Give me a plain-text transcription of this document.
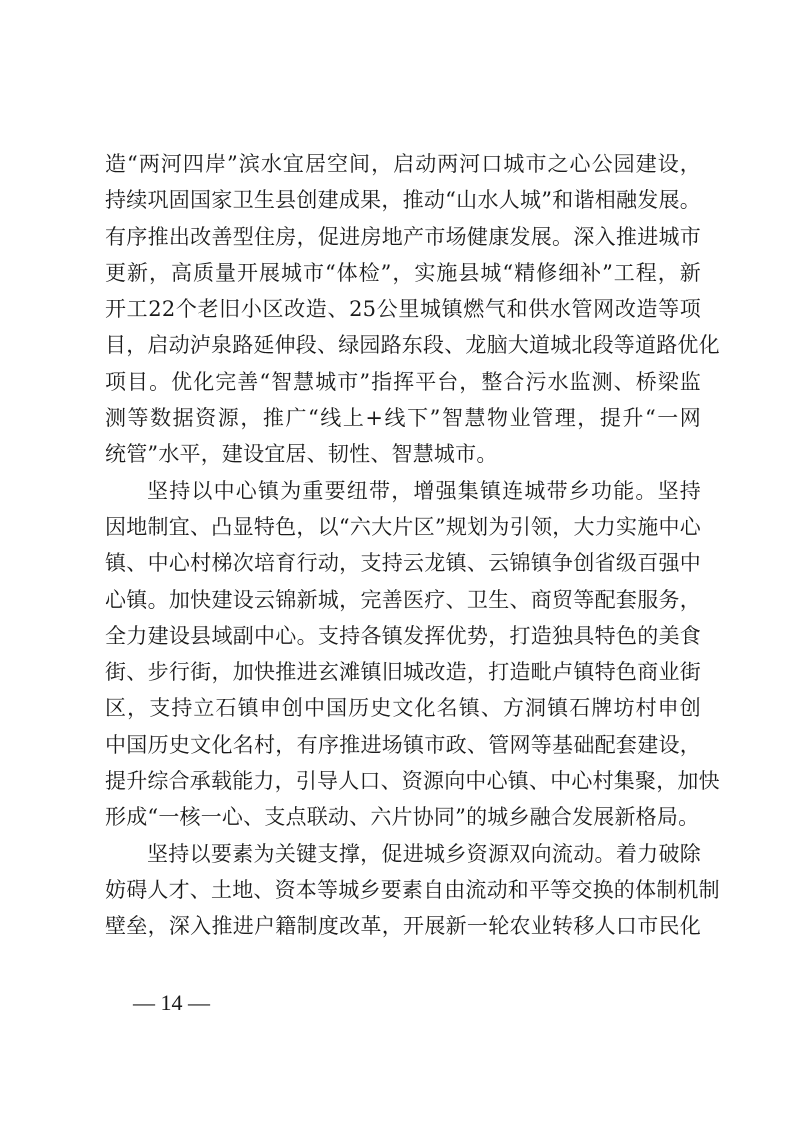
造“两河四岸”滨水宜居空间，启动两河口城市之心公园建设，
持续巩固国家卫生县创建成果，推动“山水人城”和谐相融发展。
有序推出改善型住房，促进房地产市场健康发展。深入推进城市
更新，高质量开展城市“体检”，实施县城“精修细补”工程，新
开工22个老旧小区改造、25公里城镇燃气和供水管网改造等项
目，启动泸泉路延伸段、绿园路东段、龙脑大道城北段等道路优化
项目。优化完善“智慧城市”指挥平台，整合污水监测、桥梁监
测等数据资源，推广“线上+线下”智慧物业管理，提升“一网
统管”水平，建设宜居、韧性、智慧城市。
坚持以中心镇为重要纽带，增强集镇连城带乡功能。坚持
因地制宜、凸显特色，以“六大片区”规划为引领，大力实施中心
镇、中心村梯次培育行动，支持云龙镇、云锦镇争创省级百强中
心镇。加快建设云锦新城，完善医疗、卫生、商贸等配套服务，
全力建设县域副中心。支持各镇发挥优势，打造独具特色的美食
街、步行街，加快推进玄滩镇旧城改造，打造毗卢镇特色商业街
区，支持立石镇申创中国历史文化名镇、方洞镇石牌坊村申创
中国历史文化名村，有序推进场镇市政、管网等基础配套建设，
提升综合承载能力，引导人口、资源向中心镇、中心村集聚，加快
形成“一核一心、支点联动、六片协同”的城乡融合发展新格局。
坚持以要素为关键支撑，促进城乡资源双向流动。着力破除
妨碍人才、土地、资本等城乡要素自由流动和平等交换的体制机制
壁垒，深入推进户籍制度改革，开展新一轮农业转移人口市民化
— 14 —
